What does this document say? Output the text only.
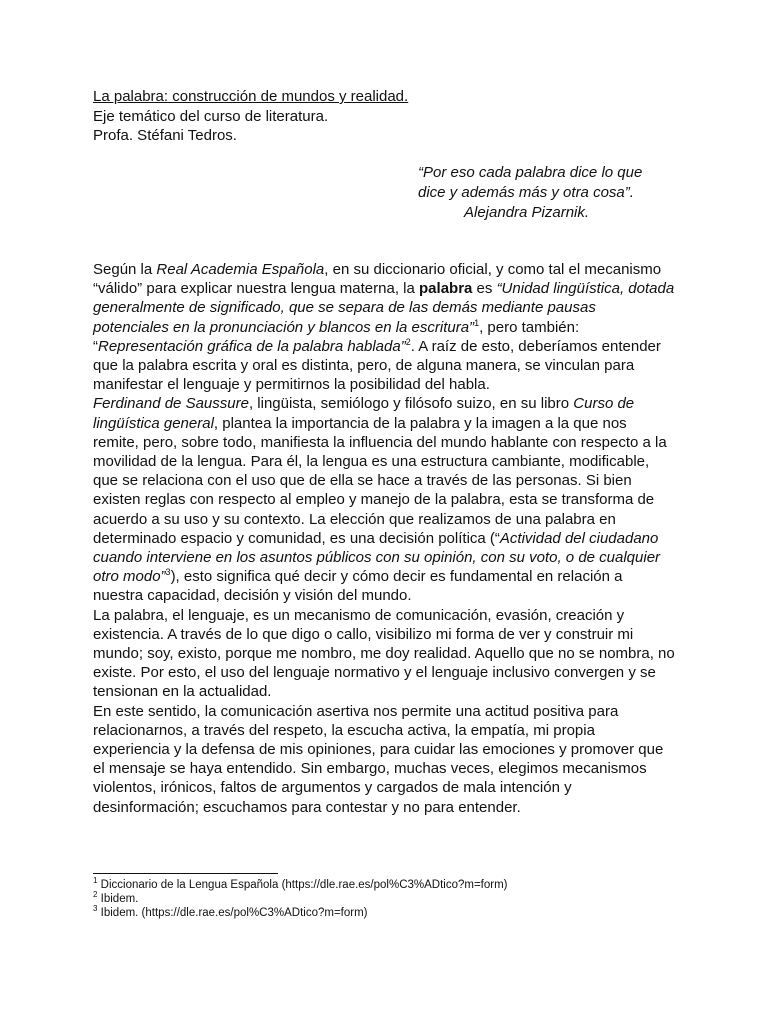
La palabra: construcción de mundos y realidad.
Eje temático del curso de literatura.
Profa. Stéfani Tedros.
“Por eso cada palabra dice lo que
dice y además más y otra cosa”.
Alejandra Pizarnik.

Según la Real Academia Española, en su diccionario oficial, y como tal el mecanismo “válido” para explicar nuestra lengua materna, la palabra es “Unidad lingüística, dotada generalmente de significado, que se separa de las demás mediante pausas potenciales en la pronunciación y blancos en la escritura”$^1$, pero también: “Representación gráfica de la palabra hablada”$^2$. A raíz de esto, deberíamos entender que la palabra escrita y oral es distinta, pero, de alguna manera, se vinculan para manifestar el lenguaje y permitirnos la posibilidad del habla.

Ferdinand de Saussure, lingüista, semiólogo y filósofo suizo, en su libro Curso de lingüística general, plantea la importancia de la palabra y la imagen a la que nos remite, pero, sobre todo, manifiesta la influencia del mundo hablante con respecto a la movilidad de la lengua. Para él, la lengua es una estructura cambiante, modificable, que se relaciona con el uso que de ella se hace a través de las personas. Si bien existen reglas con respecto al empleo y manejo de la palabra, esta se transforma de acuerdo a su uso y su contexto. La elección que realizamos de una palabra en determinado espacio y comunidad, es una decisión política (“Actividad del ciudadano cuando interviene en los asuntos públicos con su opinión, con su voto, o de cualquier otro modo”$^3$), esto significa qué decir y cómo decir es fundamental en relación a nuestra capacidad, decisión y visión del mundo.

La palabra, el lenguaje, es un mecanismo de comunicación, evasión, creación y existencia. A través de lo que digo o callo, visibilizo mi forma de ver y construir mi mundo; soy, existo, porque me nombro, me doy realidad. Aquello que no se nombra, no existe. Por esto, el uso del lenguaje normativo y el lenguaje inclusivo convergen y se tensionan en la actualidad.

En este sentido, la comunicación asertiva nos permite una actitud positiva para relacionarnos, a través del respeto, la escucha activa, la empatía, mi propia experiencia y la defensa de mis opiniones, para cuidar las emociones y promover que el mensaje se haya entendido. Sin embargo, muchas veces, elegimos mecanismos violentos, irónicos, faltos de argumentos y cargados de mala intención y desinformación; escuchamos para contestar y no para entender.

$^1$ Diccionario de la Lengua Española (https://dle.rae.es/pol%C3%ADtico?m=form)
$^2$ Ibidem.
$^3$ Ibidem. (https://dle.rae.es/pol%C3%ADtico?m=form)
